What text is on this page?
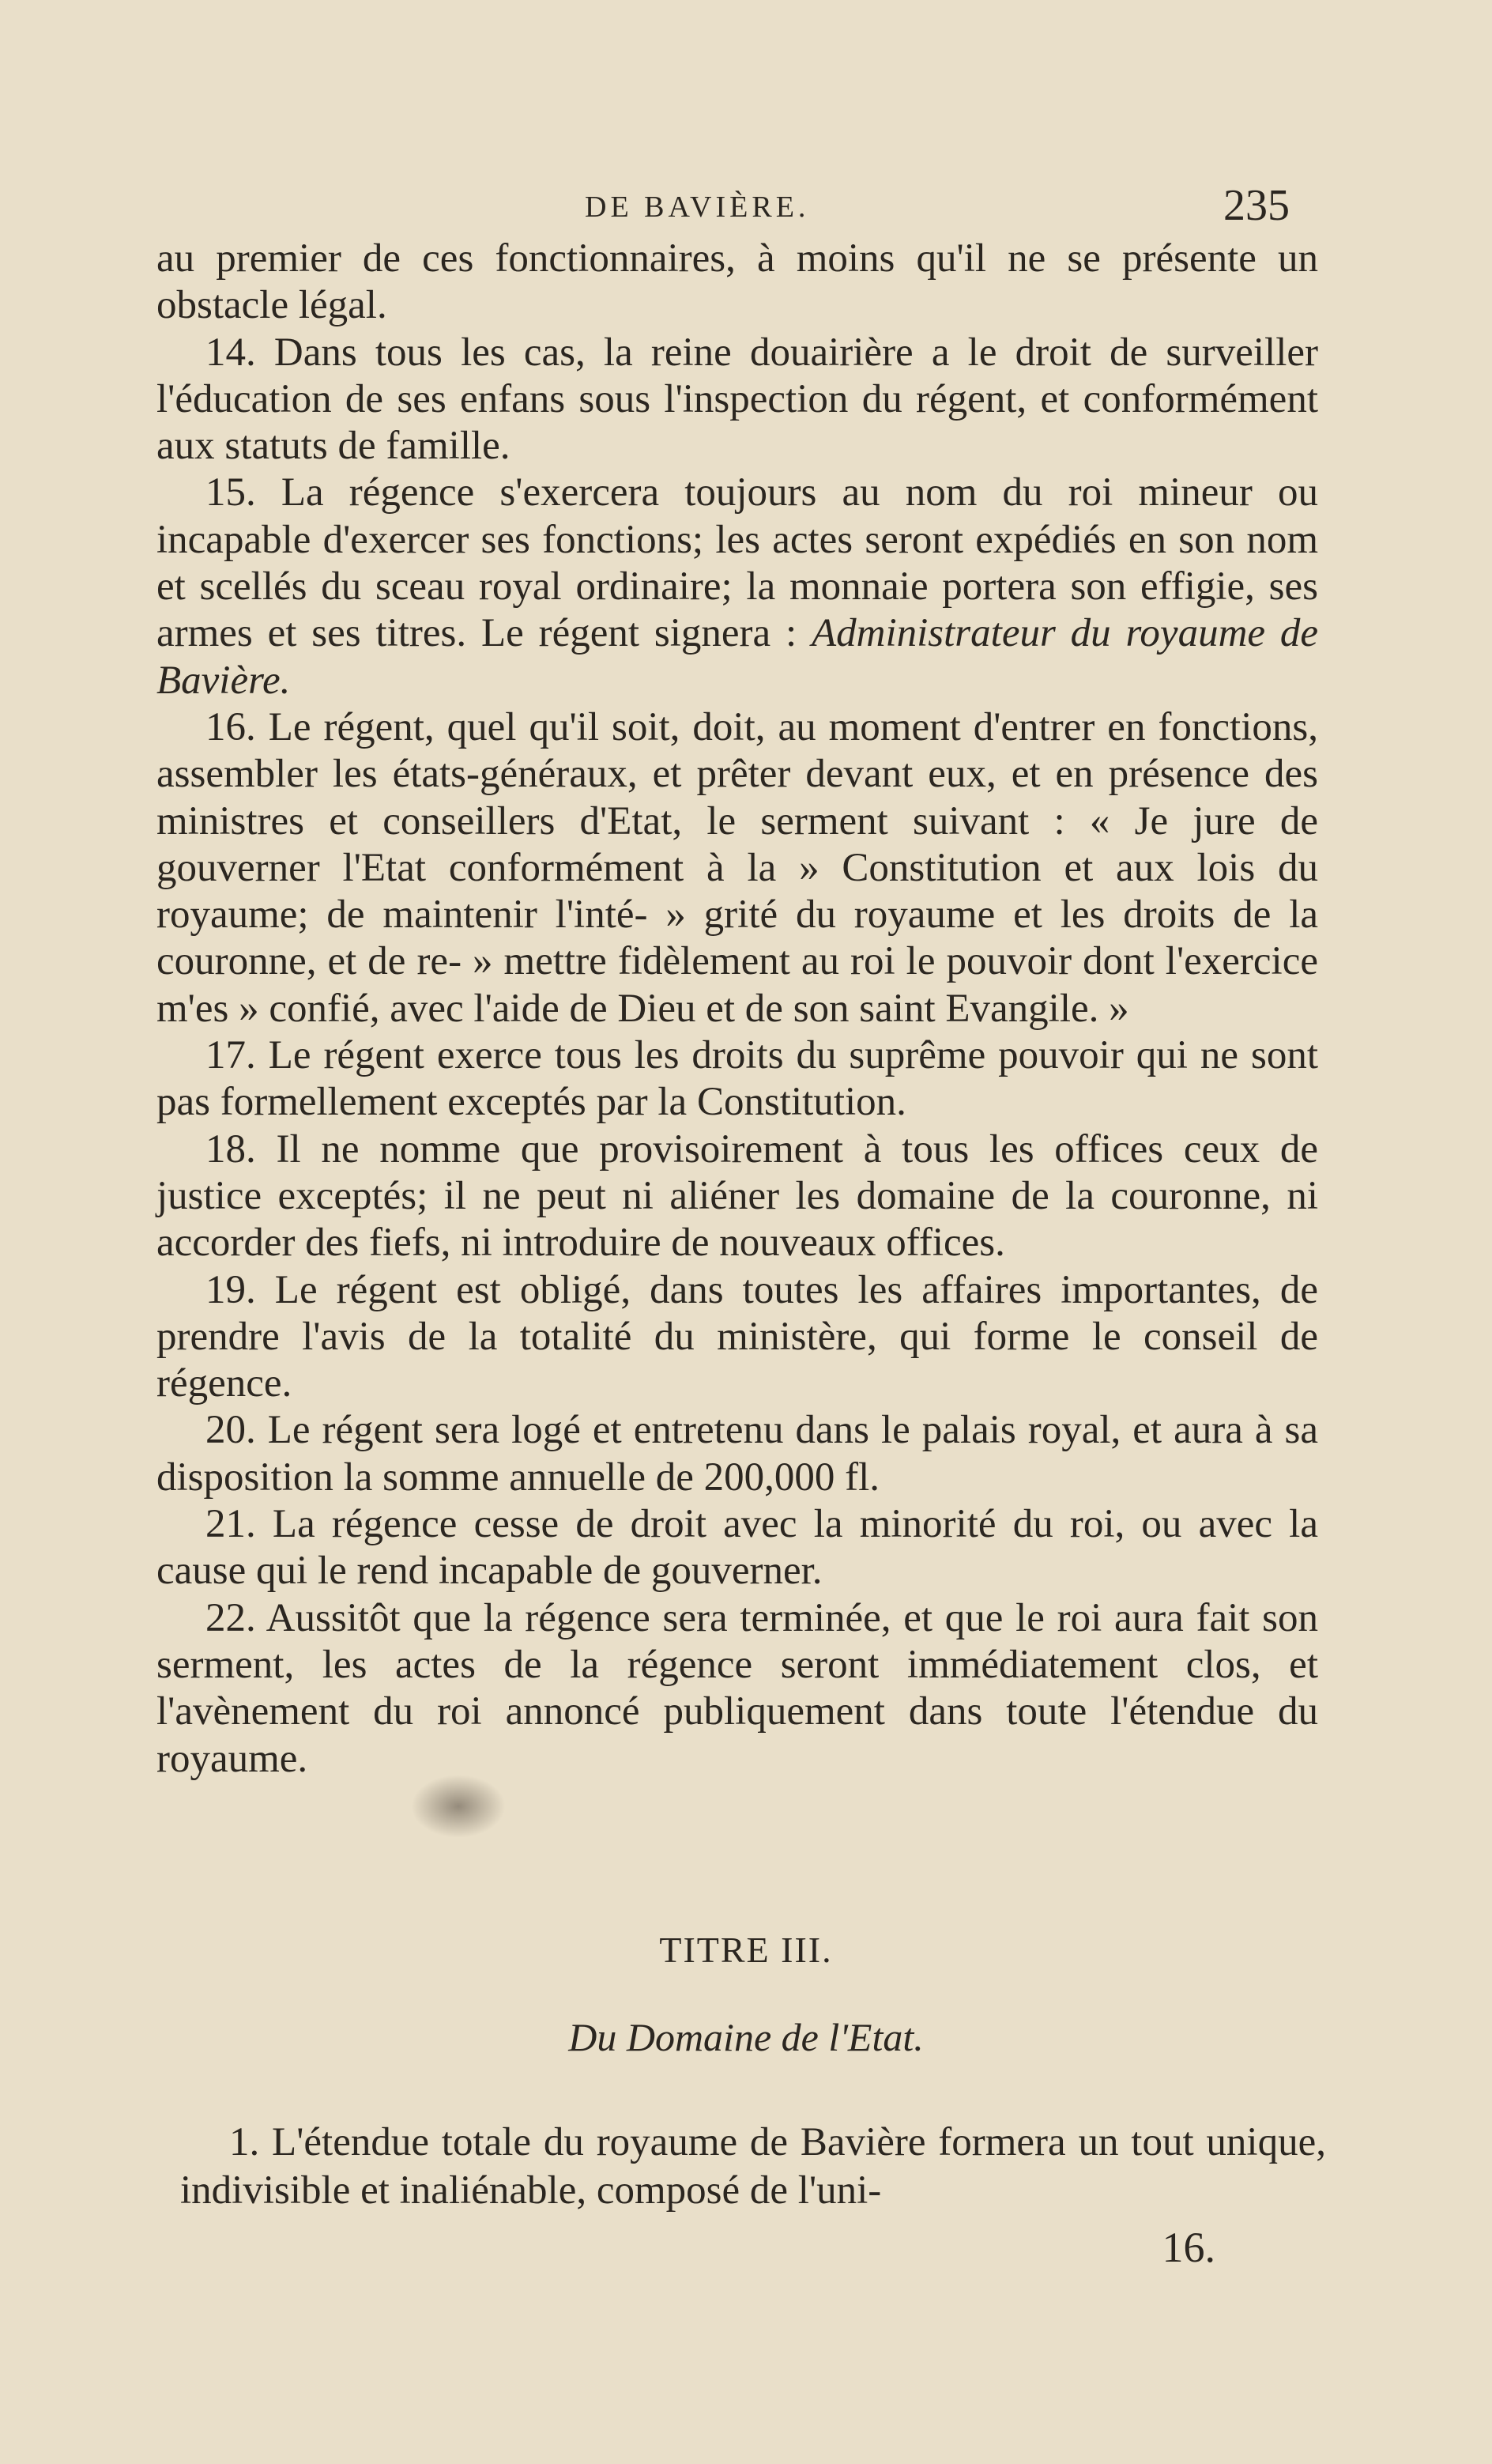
DE BAVIÈRE.	235

au premier de ces fonctionnaires, à moins qu'il ne se présente un obstacle légal.

14. Dans tous les cas, la reine douairière a le droit de surveiller l'éducation de ses enfans sous l'inspection du régent, et conformément aux statuts de famille.

15. La régence s'exercera toujours au nom du roi mineur ou incapable d'exercer ses fonctions; les actes seront expédiés en son nom et scellés du sceau royal ordinaire; la monnaie portera son effigie, ses armes et ses titres. Le régent signera : Administrateur du royaume de Bavière.

16. Le régent, quel qu'il soit, doit, au moment d'entrer en fonctions, assembler les états-généraux, et prêter devant eux, et en présence des ministres et conseillers d'Etat, le serment suivant : « Je jure de gouverner l'Etat conformément à la » Constitution et aux lois du royaume; de maintenir l'inté- » grité du royaume et les droits de la couronne, et de re- » mettre fidèlement au roi le pouvoir dont l'exercice m'es » confié, avec l'aide de Dieu et de son saint Evangile. »

17. Le régent exerce tous les droits du suprême pouvoir qui ne sont pas formellement exceptés par la Constitution.

18. Il ne nomme que provisoirement à tous les offices ceux de justice exceptés; il ne peut ni aliéner les domaine de la couronne, ni accorder des fiefs, ni introduire de nouveaux offices.

19. Le régent est obligé, dans toutes les affaires importantes, de prendre l'avis de la totalité du ministère, qui forme le conseil de régence.

20. Le régent sera logé et entretenu dans le palais royal, et aura à sa disposition la somme annuelle de 200,000 fl.

21. La régence cesse de droit avec la minorité du roi, ou avec la cause qui le rend incapable de gouverner.

22. Aussitôt que la régence sera terminée, et que le roi aura fait son serment, les actes de la régence seront immédiatement clos, et l'avènement du roi annoncé publiquement dans toute l'étendue du royaume.

TITRE III.
Du Domaine de l'Etat.

1. L'étendue totale du royaume de Bavière formera un tout unique, indivisible et inaliénable, composé de l'uni-

16.
